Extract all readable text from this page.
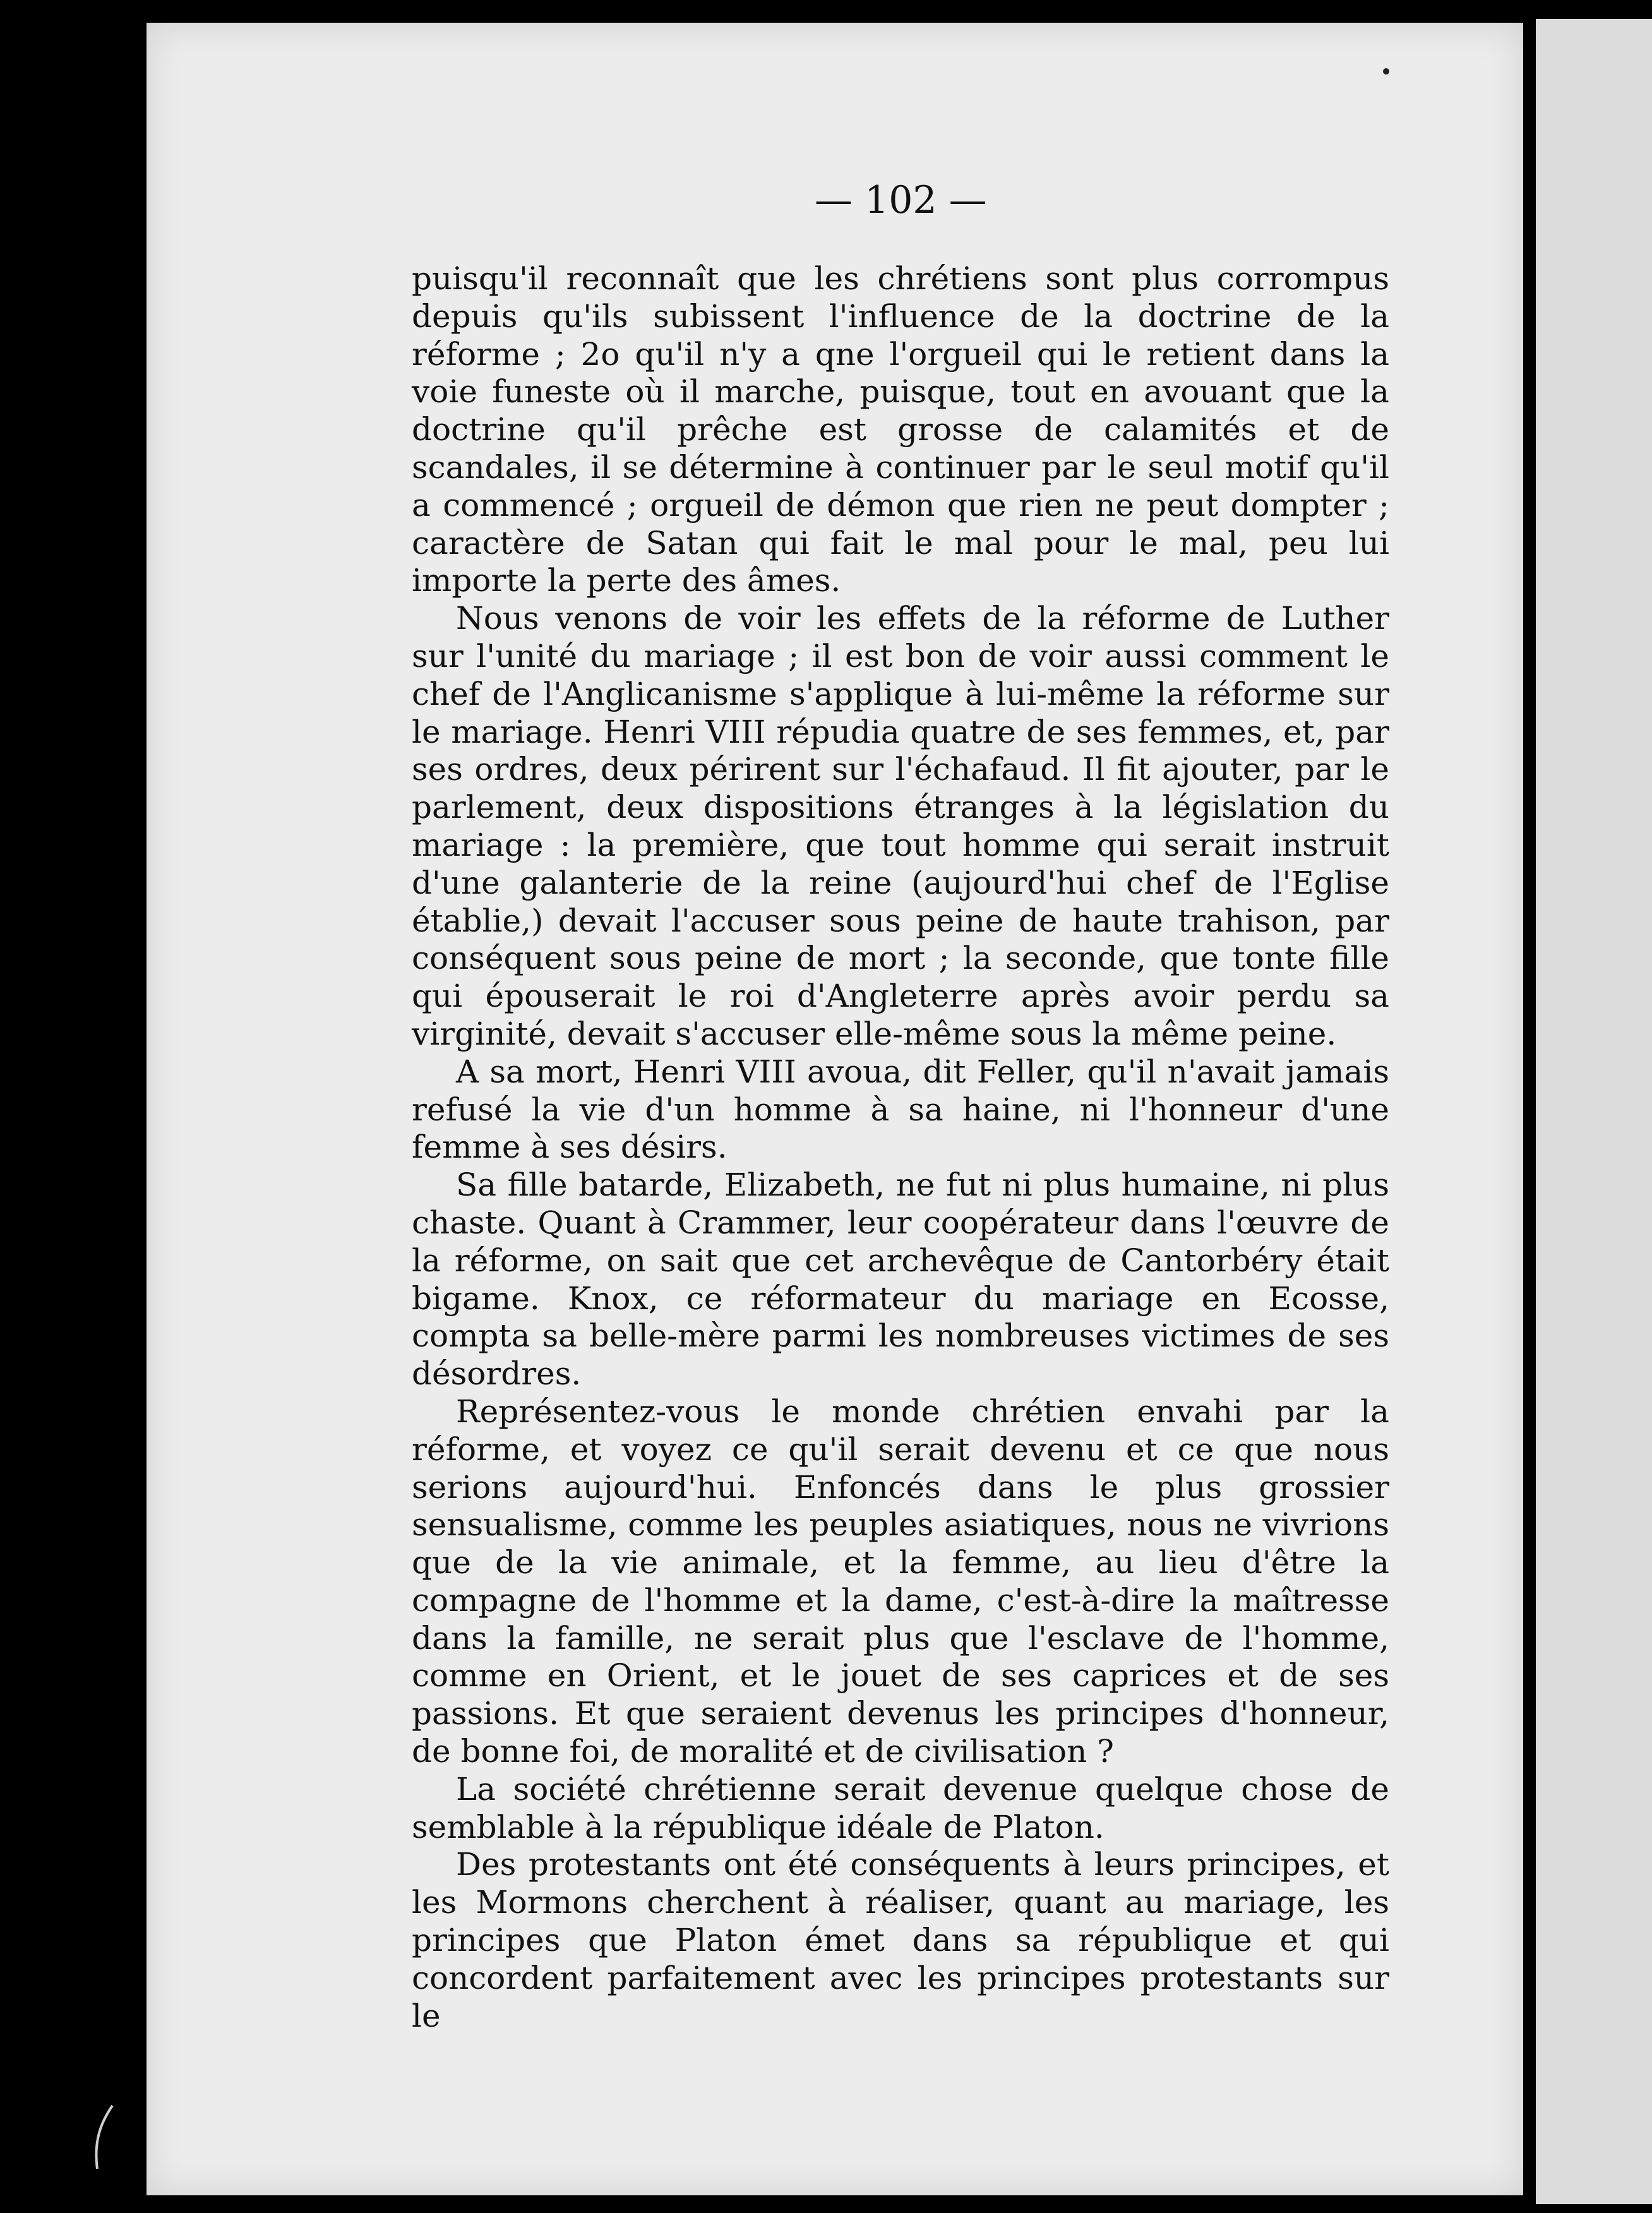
— 102 —

puisqu'il reconnaît que les chrétiens sont plus corrompus depuis qu'ils subissent l'influence de la doctrine de la réforme ; 2o qu'il n'y a qne l'orgueil qui le retient dans la voie funeste où il marche, puisque, tout en avouant que la doctrine qu'il prêche est grosse de calamités et de scandales, il se détermine à continuer par le seul motif qu'il a commencé ; orgueil de démon que rien ne peut dompter ; caractère de Satan qui fait le mal pour le mal, peu lui importe la perte des âmes.

Nous venons de voir les effets de la réforme de Luther sur l'unité du mariage ; il est bon de voir aussi comment le chef de l'Anglicanisme s'applique à lui-même la réforme sur le mariage. Henri VIII répudia quatre de ses femmes, et, par ses ordres, deux périrent sur l'échafaud. Il fit ajouter, par le parlement, deux dispositions étranges à la législation du mariage : la première, que tout homme qui serait instruit d'une galanterie de la reine (aujourd'hui chef de l'Eglise établie,) devait l'accuser sous peine de haute trahison, par conséquent sous peine de mort ; la seconde, que tonte fille qui épouserait le roi d'Angleterre après avoir perdu sa virginité, devait s'accuser elle-même sous la même peine.

A sa mort, Henri VIII avoua, dit Feller, qu'il n'avait jamais refusé la vie d'un homme à sa haine, ni l'honneur d'une femme à ses désirs.

Sa fille batarde, Elizabeth, ne fut ni plus humaine, ni plus chaste. Quant à Crammer, leur coopérateur dans l'œuvre de la réforme, on sait que cet archevêque de Cantorbéry était bigame. Knox, ce réformateur du mariage en Ecosse, compta sa belle-mère parmi les nombreuses victimes de ses désordres.

Représentez-vous le monde chrétien envahi par la réforme, et voyez ce qu'il serait devenu et ce que nous serions aujourd'hui. Enfoncés dans le plus grossier sensualisme, comme les peuples asiatiques, nous ne vivrions que de la vie animale, et la femme, au lieu d'être la compagne de l'homme et la dame, c'est-à-dire la maîtresse dans la famille, ne serait plus que l'esclave de l'homme, comme en Orient, et le jouet de ses caprices et de ses passions. Et que seraient devenus les principes d'honneur, de bonne foi, de moralité et de civilisation ?

La société chrétienne serait devenue quelque chose de semblable à la république idéale de Platon.

Des protestants ont été conséquents à leurs principes, et les Mormons cherchent à réaliser, quant au mariage, les principes que Platon émet dans sa république et qui concordent parfaitement avec les principes protestants sur le
